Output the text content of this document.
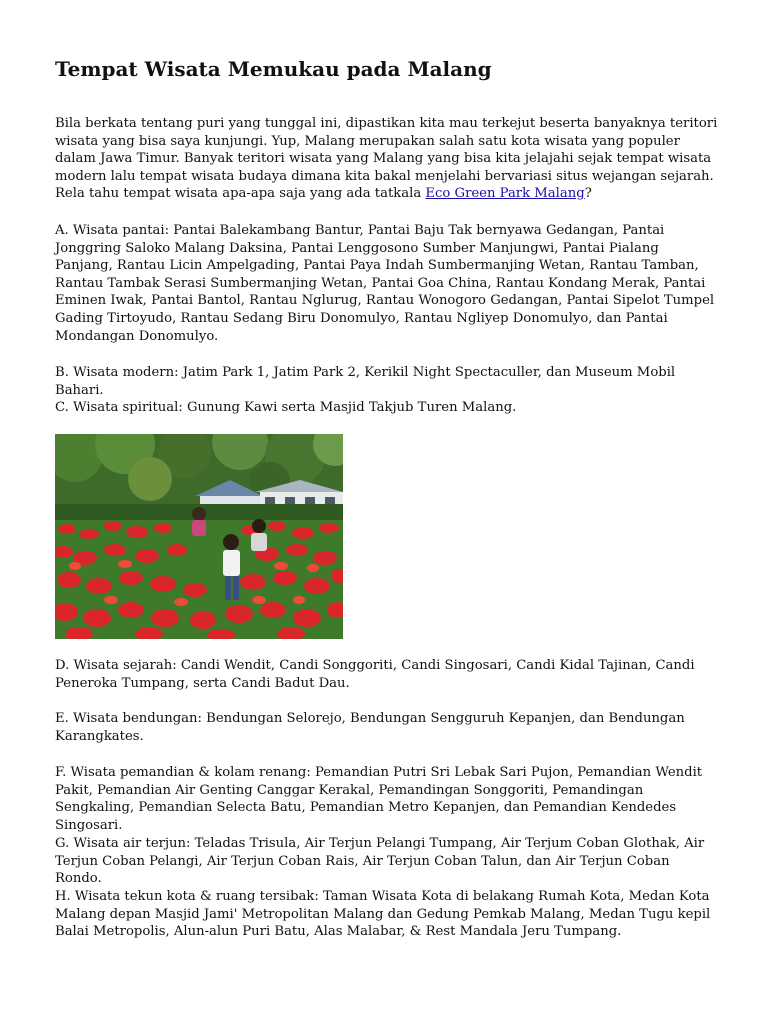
Tempat Wisata Memukau pada Malang

Bila berkata tentang puri yang tunggal ini, dipastikan kita mau terkejut beserta banyaknya teritori wisata yang bisa saya kunjungi. Yup, Malang merupakan salah satu kota wisata yang populer dalam Jawa Timur. Banyak teritori wisata yang Malang yang bisa kita jelajahi sejak tempat wisata modern lalu tempat wisata budaya dimana kita bakal menjelahi bervariasi situs wejangan sejarah. Rela tahu tempat wisata apa-apa saja yang ada tatkala Eco Green Park Malang?

A. Wisata pantai: Pantai Balekambang Bantur, Pantai Baju Tak bernyawa Gedangan, Pantai Jonggring Saloko Malang Daksina, Pantai Lenggosono Sumber Manjungwi, Pantai Pialang Panjang, Rantau Licin Ampelgading, Pantai Paya Indah Sumbermanjing Wetan, Rantau Tamban, Rantau Tambak Serasi Sumbermanjing Wetan, Pantai Goa China, Rantau Kondang Merak, Pantai Eminen Iwak, Pantai Bantol, Rantau Nglurug, Rantau Wonogoro Gedangan, Pantai Sipelot Tumpel Gading Tirtoyudo, Rantau Sedang Biru Donomulyo, Rantau Ngliyep Donomulyo, dan Pantai Mondangan Donomulyo.

B. Wisata modern: Jatim Park 1, Jatim Park 2, Kerikil Night Spectaculler, dan Museum Mobil Bahari.

C. Wisata spiritual: Gunung Kawi serta Masjid Takjub Turen Malang.

D. Wisata sejarah: Candi Wendit, Candi Songgoriti, Candi Singosari, Candi Kidal Tajinan, Candi Peneroka Tumpang, serta Candi Badut Dau.

E. Wisata bendungan: Bendungan Selorejo, Bendungan Sengguruh Kepanjen, dan Bendungan Karangkates.

F. Wisata pemandian & kolam renang: Pemandian Putri Sri Lebak Sari Pujon, Pemandian Wendit Pakit, Pemandian Air Genting Canggar Kerakal, Pemandingan Songgoriti, Pemandingan Sengkaling, Pemandian Selecta Batu, Pemandian Metro Kepanjen, dan Pemandian Kendedes Singosari.

G. Wisata air terjun: Teladas Trisula, Air Terjun Pelangi Tumpang, Air Terjum Coban Glothak, Air Terjun Coban Pelangi, Air Terjun Coban Rais, Air Terjun Coban Talun, dan Air Terjun Coban Rondo.

H. Wisata tekun kota & ruang tersibak: Taman Wisata Kota di belakang Rumah Kota, Medan Kota Malang depan Masjid Jami' Metropolitan Malang dan Gedung Pemkab Malang, Medan Tugu kepil Balai Metropolis, Alun-alun Puri Batu, Alas Malabar, & Rest Mandala Jeru Tumpang.
